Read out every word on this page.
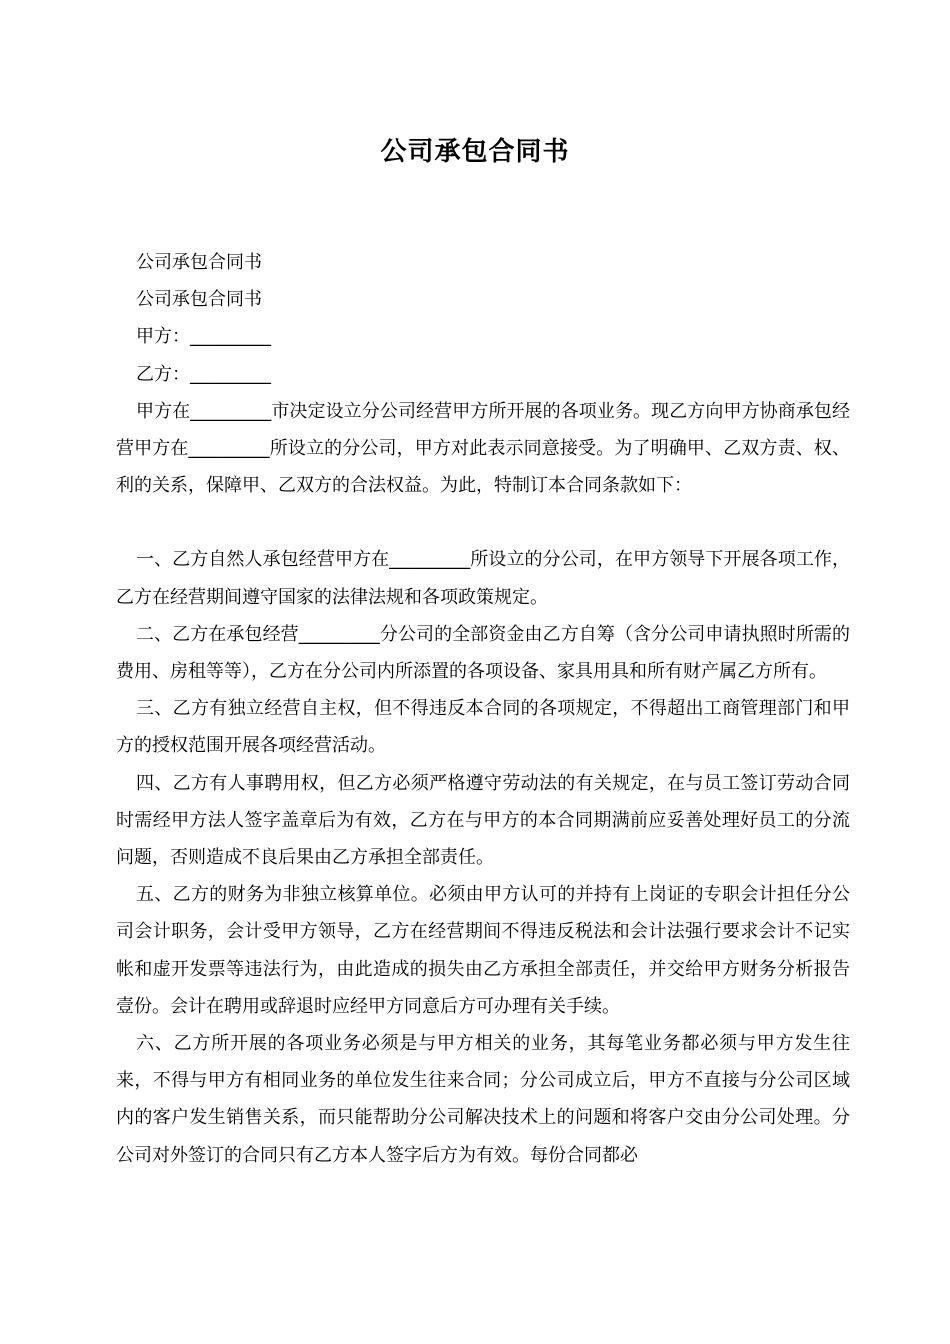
公司承包合同书

公司承包合同书

公司承包合同书

甲方：_________

乙方：_________

甲方在_________市决定设立分公司经营甲方所开展的各项业务。现乙方向甲方协商承包经营甲方在_________所设立的分公司，甲方对此表示同意接受。为了明确甲、乙双方责、权、利的关系，保障甲、乙双方的合法权益。为此，特制订本合同条款如下：

一、乙方自然人承包经营甲方在_________所设立的分公司，在甲方领导下开展各项工作，乙方在经营期间遵守国家的法律法规和各项政策规定。

二、乙方在承包经营_________分公司的全部资金由乙方自筹（含分公司申请执照时所需的费用、房租等等），乙方在分公司内所添置的各项设备、家具用具和所有财产属乙方所有。

三、乙方有独立经营自主权，但不得违反本合同的各项规定，不得超出工商管理部门和甲方的授权范围开展各项经营活动。

四、乙方有人事聘用权，但乙方必须严格遵守劳动法的有关规定，在与员工签订劳动合同时需经甲方法人签字盖章后为有效，乙方在与甲方的本合同期满前应妥善处理好员工的分流问题，否则造成不良后果由乙方承担全部责任。

五、乙方的财务为非独立核算单位。必须由甲方认可的并持有上岗证的专职会计担任分公司会计职务，会计受甲方领导，乙方在经营期间不得违反税法和会计法强行要求会计不记实帐和虚开发票等违法行为，由此造成的损失由乙方承担全部责任，并交给甲方财务分析报告壹份。会计在聘用或辞退时应经甲方同意后方可办理有关手续。

六、乙方所开展的各项业务必须是与甲方相关的业务，其每笔业务都必须与甲方发生往来，不得与甲方有相同业务的单位发生往来合同；分公司成立后，甲方不直接与分公司区域内的客户发生销售关系，而只能帮助分公司解决技术上的问题和将客户交由分公司处理。分公司对外签订的合同只有乙方本人签字后方为有效。每份合同都必
